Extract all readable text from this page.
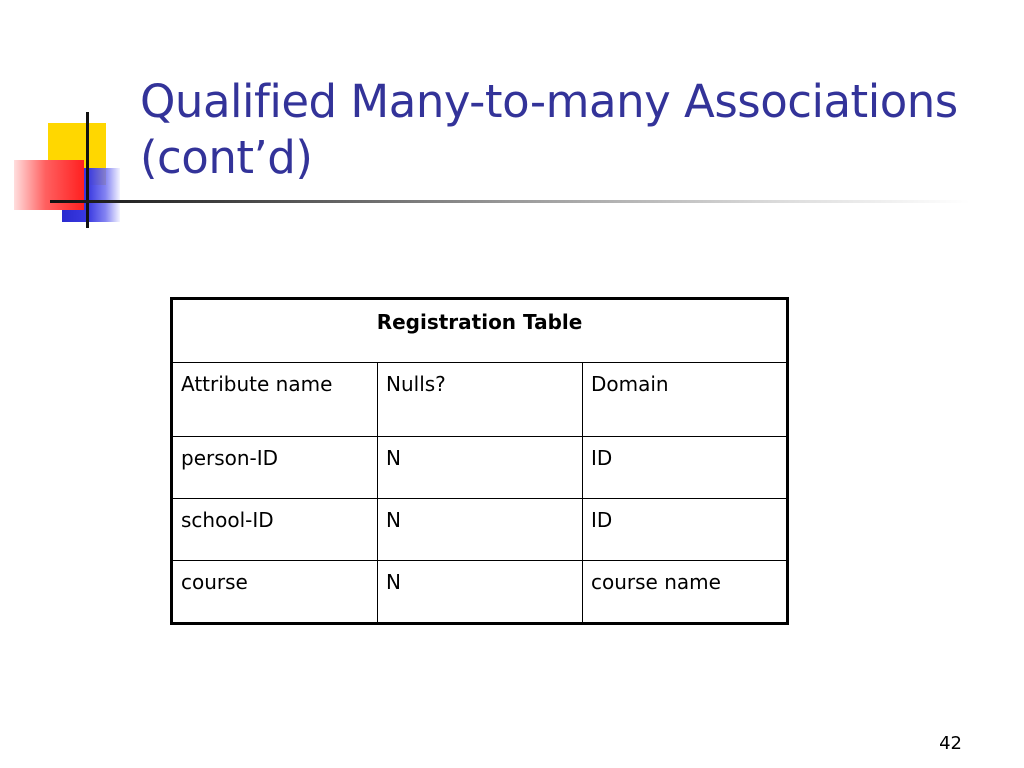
Qualified Many-to-many Associations
(cont’d)
Registration Table		
Attribute name	Nulls?	Domain
person-ID	N	ID
school-ID	N	ID
course	N	course name
42
